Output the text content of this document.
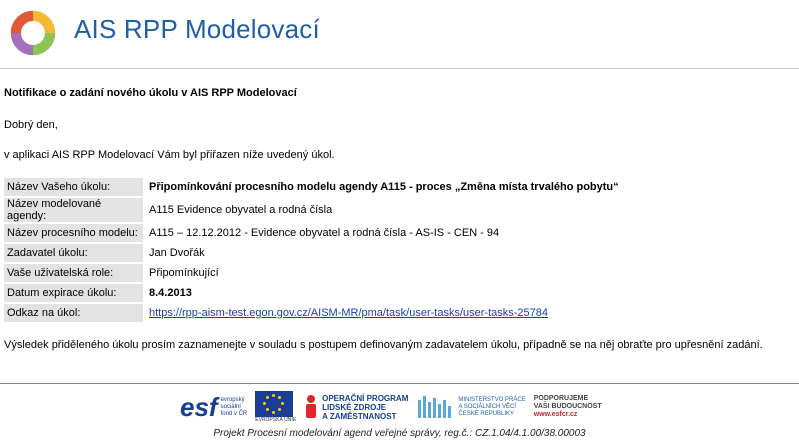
AIS RPP Modelovací
Notifikace o zadání nového úkolu v AIS RPP Modelovací
Dobrý den,
v aplikaci AIS RPP Modelovací Vám byl přiřazen níže uvedený úkol.
Název Vašeho úkolu:	Připomínkování procesního modelu agendy A115 - proces „Změna místa trvalého pobytu“
Název modelované agendy:	A115 Evidence obyvatel a rodná čísla
Název procesního modelu:	A115 – 12.12.2012 - Evidence obyvatel a rodná čísla - AS-IS - CEN - 94
Zadavatel úkolu:	Jan Dvořák
Vaše uživatelská role:	Připomínkující
Datum expirace úkolu:	8.4.2013
Odkaz na úkol:	https://rpp-aism-test.egon.gov.cz/AISM-MR/pma/task/user-tasks/user-tasks-25784
Výsledek přiděleného úkolu prosím zaznamenejte v souladu s postupem definovaným zadavatelem úkolu, případně se na něj obraťte pro upřesnění zadání.
esf evropský
sociální
fond v ČR
EVROPSKÁ UNIE
OPERAČNÍ PROGRAM
LIDSKÉ ZDROJE
A ZAMĚSTNANOST
MINISTERSTVO PRÁCE
A SOCIÁLNÍCH VĚCÍ
ČESKÉ REPUBLIKY
PODPORUJEME
VAŠI BUDOUCNOST
www.esfcr.cz
Projekt Procesní modelování agend veřejné správy, reg.č.: CZ.1.04/4.1.00/38.00003
